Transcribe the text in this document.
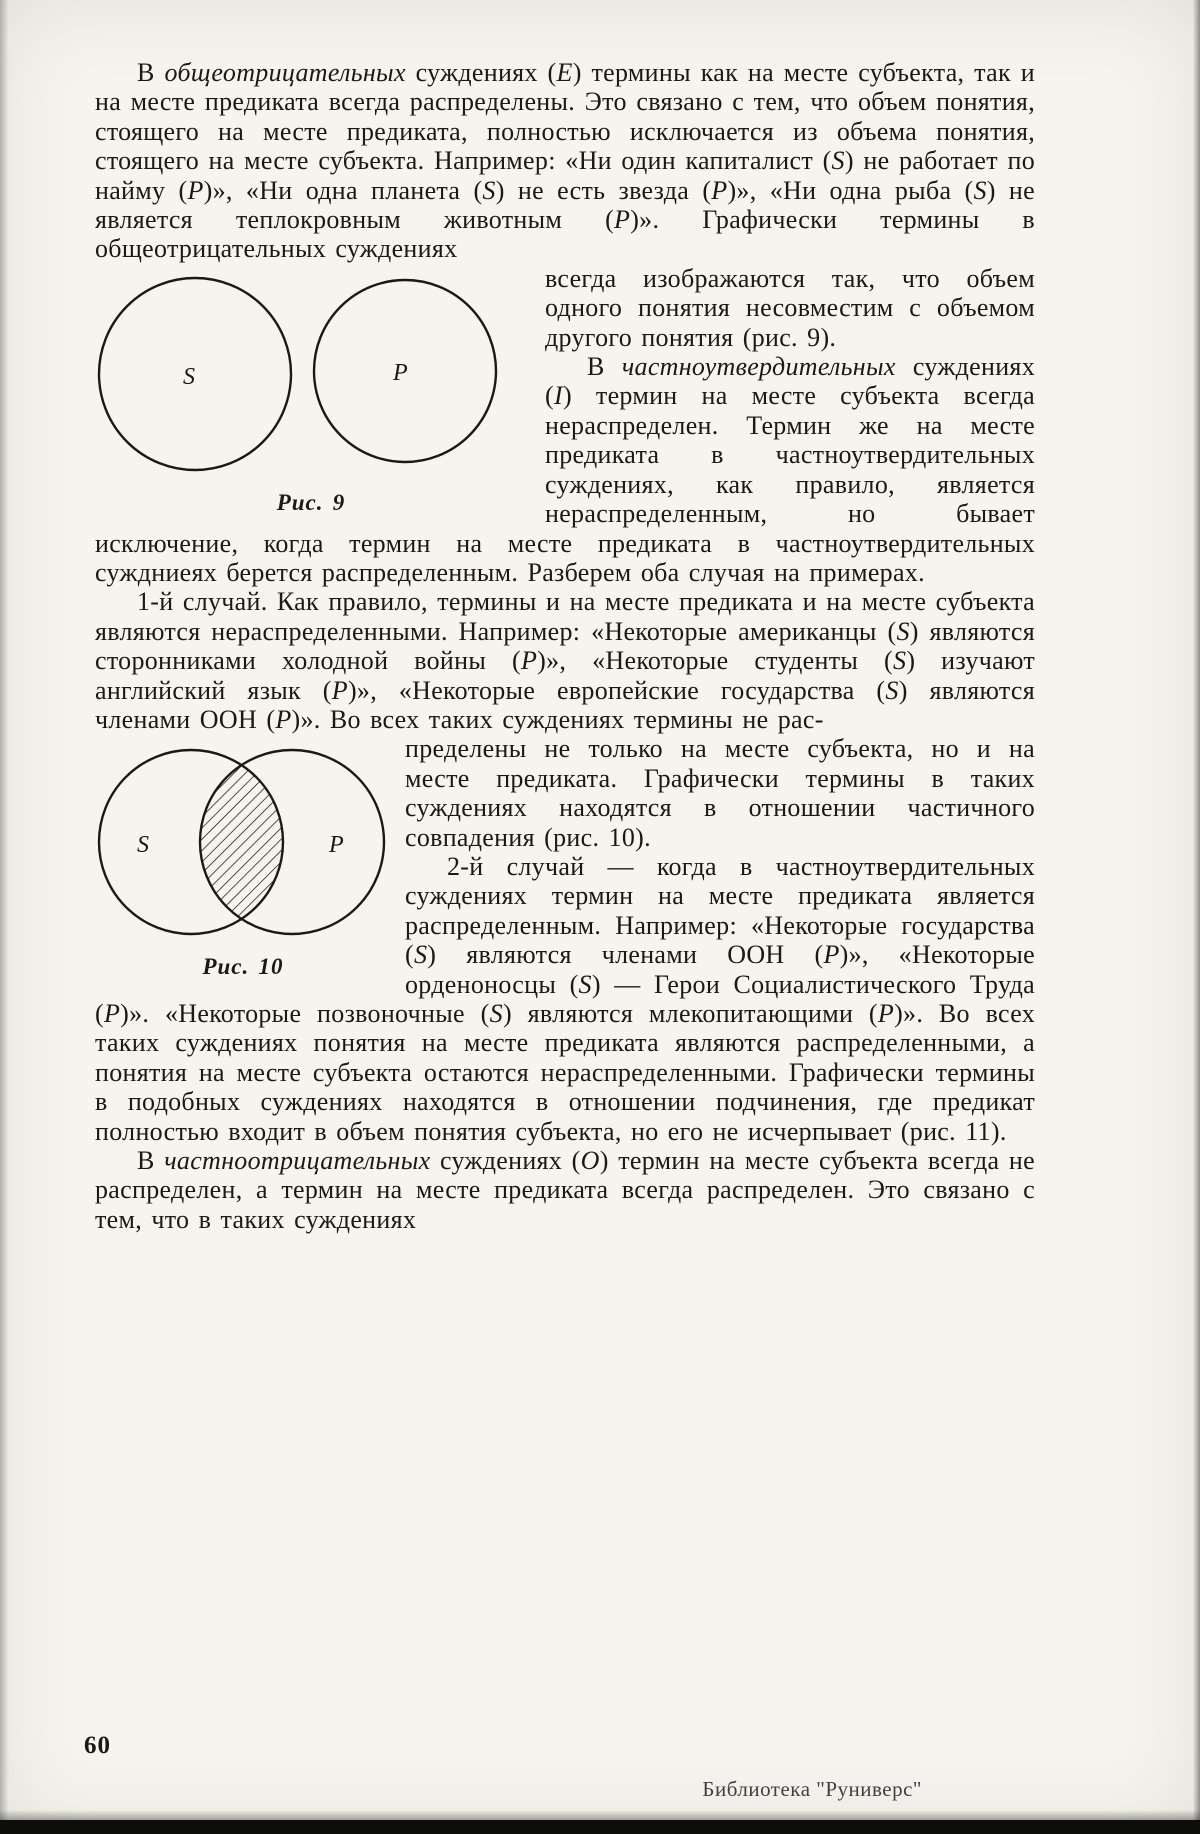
В общеотрицательных суждениях (E) термины как на месте субъекта, так и на месте предиката всегда распределены. Это связано с тем, что объем понятия, стоящего на месте предиката, полностью исключается из объема понятия, стоящего на месте субъекта. Например: «Ни один капиталист (S) не работает по найму (P)», «Ни одна планета (S) не есть звезда (P)», «Ни одна рыба (S) не является теплокровным животным (P)». Графически термины в общеотрицательных суждениях

S	P
Рис. 9

всегда изображаются так, что объем одного понятия несовместим с объемом другого понятия (рис. 9).

В частноутвердительных суждениях (I) термин на месте субъекта всегда нераспределен. Термин же на месте предиката в частноутвердительных суждениях, как правило, является нераспределенным, но бывает исключение, когда термин на месте предиката в частноутвердительных суждниеях берется распределенным. Разберем оба случая на примерах.

1-й случай. Как правило, термины и на месте предиката и на месте субъекта являются нераспределенными. Например: «Некоторые американцы (S) являются сторонниками холодной войны (P)», «Некоторые студенты (S) изучают английский язык (P)», «Некоторые европейские государства (S) являются членами ООН (P)». Во всех таких суждениях термины не рас-

S	P
Рис. 10

пределены не только на месте субъекта, но и на месте предиката. Графически термины в таких суждениях находятся в отношении частичного совпадения (рис. 10).

2-й случай — когда в частноутвердительных суждениях термин на месте предиката является распределенным. Например: «Некоторые государства (S) являются членами ООН (P)», «Некоторые орденоносцы (S) — Герои Социалистического Труда (P)». «Некоторые позвоночные (S) являются млекопитающими (P)». Во всех таких суждениях понятия на месте предиката являются распределенными, а понятия на месте субъекта остаются нераспределенными. Графически термины в подобных суждениях находятся в отношении подчинения, где предикат полностью входит в объем понятия субъекта, но его не исчерпывает (рис. 11).

В частноотрицательных суждениях (O) термин на месте субъекта всегда не распределен, а термин на месте предиката всегда распределен. Это связано с тем, что в таких суждениях

60
Библиотека "Руниверс"
